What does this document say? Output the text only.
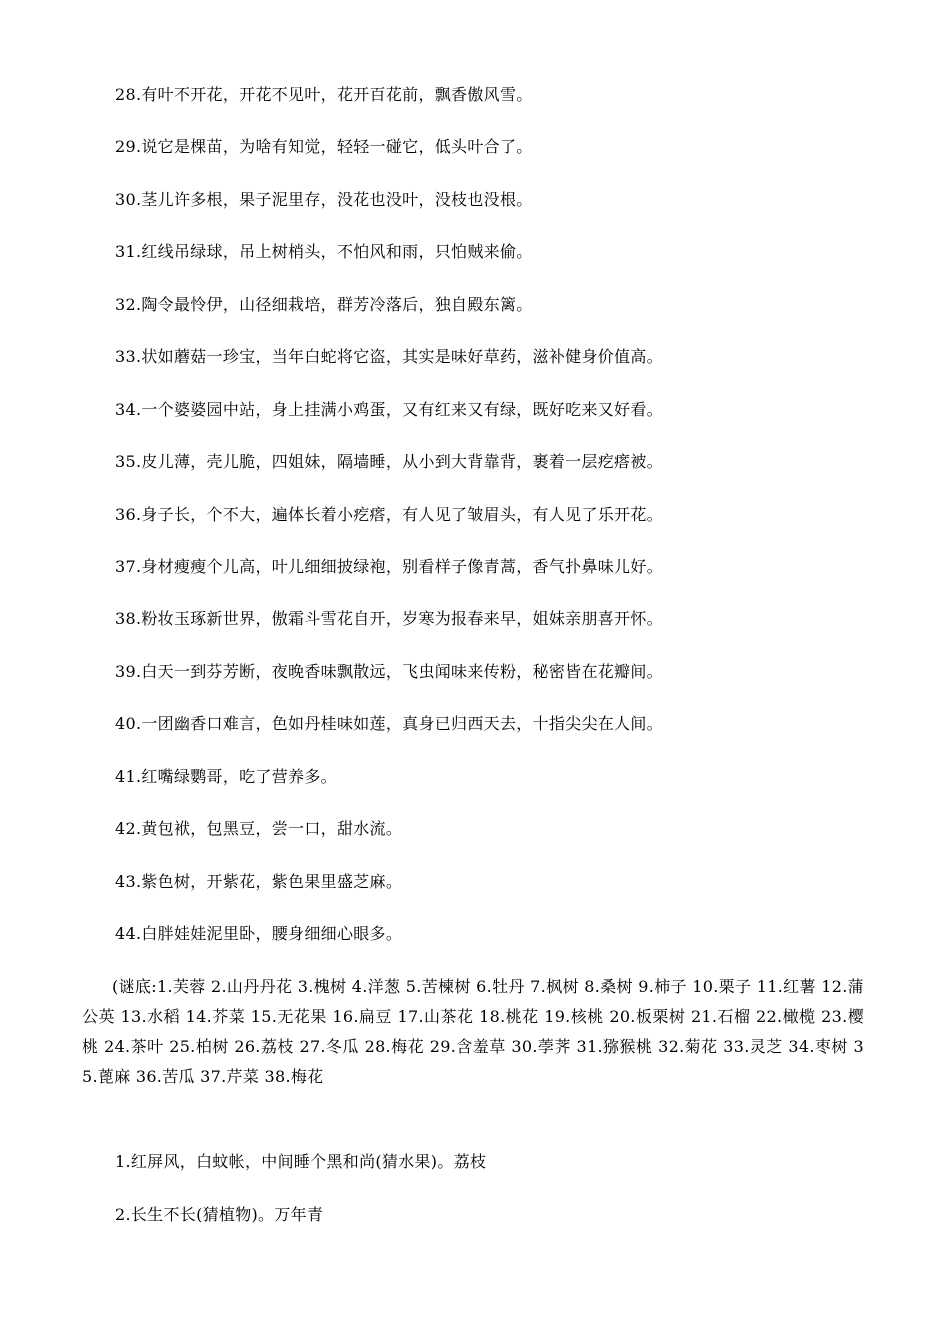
28.有叶不开花，开花不见叶，花开百花前，飘香傲风雪。
29.说它是棵苗，为啥有知觉，轻轻一碰它，低头叶合了。
30.茎儿许多根，果子泥里存，没花也没叶，没枝也没根。
31.红线吊绿球，吊上树梢头，不怕风和雨，只怕贼来偷。
32.陶令最怜伊，山径细栽培，群芳冷落后，独自殿东篱。
33.状如蘑菇一珍宝，当年白蛇将它盗，其实是味好草药，滋补健身价值高。
34.一个婆婆园中站，身上挂满小鸡蛋，又有红来又有绿，既好吃来又好看。
35.皮儿薄，壳儿脆，四姐妹，隔墙睡，从小到大背靠背，裹着一层疙瘩被。
36.身子长，个不大，遍体长着小疙瘩，有人见了皱眉头，有人见了乐开花。
37.身材瘦瘦个儿高，叶儿细细披绿袍，别看样子像青蒿，香气扑鼻味儿好。
38.粉妆玉琢新世界，傲霜斗雪花自开，岁寒为报春来早，姐妹亲朋喜开怀。
39.白天一到芬芳断，夜晚香味飘散远，飞虫闻味来传粉，秘密皆在花瓣间。
40.一团幽香口难言，色如丹桂味如莲，真身已归西天去，十指尖尖在人间。
41.红嘴绿鹦哥，吃了营养多。
42.黄包袱，包黑豆，尝一口，甜水流。
43.紫色树，开紫花，紫色果里盛芝麻。
44.白胖娃娃泥里卧，腰身细细心眼多。
(谜底:1.芙蓉 2.山丹丹花 3.槐树 4.洋葱 5.苦楝树 6.牡丹 7.枫树 8.桑树 9.柿子 10.栗子 11.红薯 12.蒲公英 13.水稻 14.芥菜 15.无花果 16.扁豆 17.山茶花 18.桃花 19.核桃 20.板栗树 21.石榴 22.橄榄 23.樱桃 24.茶叶 25.柏树 26.荔枝 27.冬瓜 28.梅花 29.含羞草 30.荸荠 31.猕猴桃 32.菊花 33.灵芝 34.枣树 35.蓖麻 36.苦瓜 37.芹菜 38.梅花
1.红屏风，白蚊帐，中间睡个黑和尚(猜水果)。荔枝
2.长生不长(猜植物)。万年青
